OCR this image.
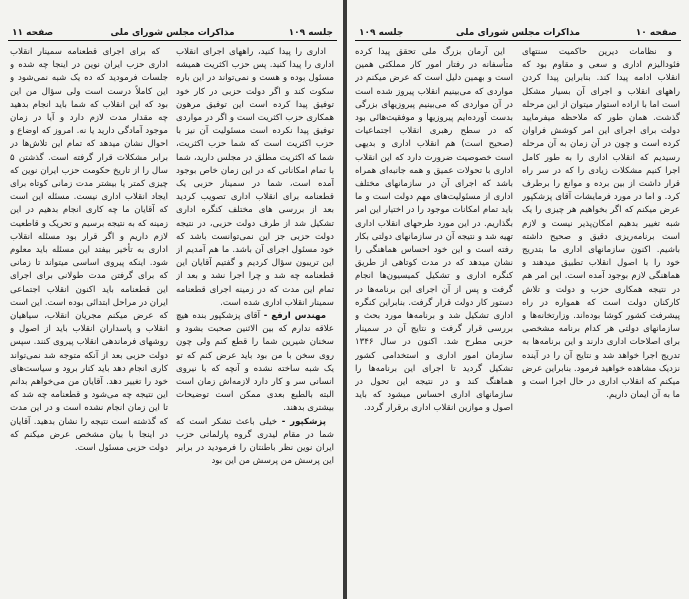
صفحه ۱۱	مذاکرات مجلس شورای ملی	جلسه ۱۰۹

اداری را پیدا کنید، راههای اجرای انقلاب اداری را پیدا کنید. پس حزب اکثریت همیشه مسئول بوده و هست و نمی‌تواند در این باره سکوت کند و اگر دولت حزبی در کار خود توفیق پیدا کرده است این توفیق مرهون همکاری حزب اکثریت است و اگر در مواردی توفیق پیدا نکرده است مسئولیت آن نیز با حزب اکثریت است که شما حزب اکثریت، شما که اکثریت مطلق در مجلس دارید، شما با تمام امکاناتی که در این زمان خاص بوجود آمده است، شما در سمینار حزبی یک قطعنامه برای انقلاب اداری تصویب کردید بعد از بررسی های مختلف کنگره اداری تشکیل شد از طرف دولت حزبی، در نتیجه دولت حزبی جز این نمی‌توانست باشد که خود مسئول اجرای آن باشد. ما هم آمدیم از این تریبون سؤال کردیم و گفتیم آقایان این قطعنامه چه شد و چرا اجرا نشد و بعد از تمام این مدت که در زمینه اجرای قطعنامه سمینار انقلاب اداری شده است.

مهندس ارفع - آقای پزشکپور بنده هیچ علاقه ندارم که بین الاثنین صحبت بشود و سخنان شیرین شما را قطع کنم ولی چون روی سخن با من بود باید عرض کنم که تو یک شبه ساخته نشده و آنچه که با نیروی انسانی سر و کار دارد لازمه‌اش زمان است البته بالطبع بعدی ممکن است توضیحات بیشتری بدهند.

پزشکپور - خیلی باعث تشکر است که شما در مقام لیدری گروه پارلمانی حزب ایران نوین نظر باطنتان را فرمودید در برابر این پرسش من پرسش من این بود

که برای اجرای قطعنامه سمینار انقلاب اداری حزب ایران نوین در اینجا چه شده و جلسات فرمودید که ده یک شبه نمی‌شود و این کاملاً درست است ولی سؤال من این بود که این انقلاب که شما باید انجام بدهید چه مقدار مدت لازم دارد و آیا در زمان موجود آمادگی دارید یا نه. امروز که اوضاع و احوال نشان میدهد که تمام این تلاش‌ها در برابر مشکلات قرار گرفته است. گذشتن ۵ سال را از تاریخ حکومت حزب ایران نوین که چیزی کمتر یا بیشتر مدت زمانی کوتاه برای ایجاد انقلاب اداری نیست. مسئله این است که آقایان ما چه کاری انجام بدهیم در این زمینه که به نتیجه برسیم و تحریک و قاطعیت لازم داریم و اگر قرار بود مسئله انقلاب اداری به تأخیر بیفتد این مسئله باید معلوم شود. اینکه پیروی اساسی میتواند تا زمانی که برای گرفتن مدت طولانی برای اجرای این قطعنامه باید اکنون انقلاب اجتماعی ایران در مراحل ابتدائی بوده است. این است که عرض میکنم مجریان انقلاب، سیاهیان انقلاب و پاسداران انقلاب باید از اصول و روشهای فرماندهی انقلاب پیروی کنند. سپس دولت حزبی بعد از آنکه متوجه شد نمی‌تواند کاری انجام دهد باید کنار برود و سیاست‌های خود را تغییر دهد. آقایان من می‌خواهم بدانم این نتیجه چه می‌شود و قطعنامه چه شد که تا این زمان انجام نشده است و در این مدت که گذشته است نتیجه را نشان بدهید. آقایان در اینجا با بیان مشخص عرض میکنم که دولت حزبی مسئول است.

جلسه ۱۰۹	مذاکرات مجلس شورای ملی	صفحه ۱۰

و نظامات دیرین حاکمیت سنتهای فئودالیزم اداری و سعی و مقاوم بود که انقلاب ادامه پیدا کند. بنابراین پیدا کردن راههای انقلاب و اجرای آن بسیار مشکل است اما با اراده استوار میتوان از این مرحله گذشت. همان طور که ملاحظه میفرمایید دولت برای اجرای این امر کوشش فراوان کرده است و چون در آن زمان به آن مرحله رسیدیم که انقلاب اداری را به طور کامل اجرا کنیم مشکلات زیادی را که در سر راه قرار داشت از بین برده و موانع را برطرف کرد. و اما در مورد فرمایشات آقای پزشکپور عرض میکنم که اگر بخواهیم هر چیزی را یک شبه تغییر بدهیم امکان‌پذیر نیست و لازم است برنامه‌ریزی دقیق و صحیح داشته باشیم. اکنون سازمانهای اداری ما بتدریج خود را با اصول انقلاب تطبیق میدهند و هماهنگی لازم بوجود آمده است. این امر هم در نتیجه همکاری حزب و دولت و تلاش کارکنان دولت است که همواره در راه پیشرفت کشور کوشا بوده‌اند. وزارتخانه‌ها و سازمانهای دولتی هر کدام برنامه مشخصی برای اصلاحات اداری دارند و این برنامه‌ها به تدریج اجرا خواهد شد و نتایج آن را در آینده نزدیک مشاهده خواهید فرمود. بنابراین عرض میکنم که انقلاب اداری در حال اجرا است و ما به آن ایمان داریم.

این آرمان بزرگ ملی تحقق پیدا کرده متأسفانه در رفتار امور کار مملکتی همین است و بهمین دلیل است که عرض میکنم در مواردی که می‌بینیم انقلاب پیروز شده است در آن مواردی که می‌بینیم پیروزیهای بزرگی بدست آورده‌ایم پیروزیها و موفقیت‌هائی بود که در سطح رهبری انقلاب اجتماعیات (صحیح است) هم انقلاب اداری و بدیهی است خصوصیت ضرورت دارد که این انقلاب اداری با تحولات عمیق و همه جانبه‌ای همراه باشد که اجرای آن در سازمانهای مختلف اداری از مسئولیت‌های مهم دولت است و ما باید تمام امکانات موجود را در اختیار این امر بگذاریم. در این مورد طرحهای انقلاب اداری تهیه شد و نتیجه آن در سازمانهای دولتی بکار رفته است و این خود احساس هماهنگی را نشان میدهد که در مدت کوتاهی از طریق کنگره اداری و تشکیل کمیسیون‌ها انجام گرفت و پس از آن اجرای این برنامه‌ها در دستور کار دولت قرار گرفت. بنابراین کنگره اداری تشکیل شد و برنامه‌ها مورد بحث و بررسی قرار گرفت و نتایج آن در سمینار حزبی مطرح شد. اکنون در سال ۱۳۴۶ سازمان امور اداری و استخدامی کشور تشکیل گردید تا اجرای این برنامه‌ها را هماهنگ کند و در نتیجه این تحول در سازمانهای اداری احساس میشود که باید اصول و موازین انقلاب اداری برقرار گردد.
